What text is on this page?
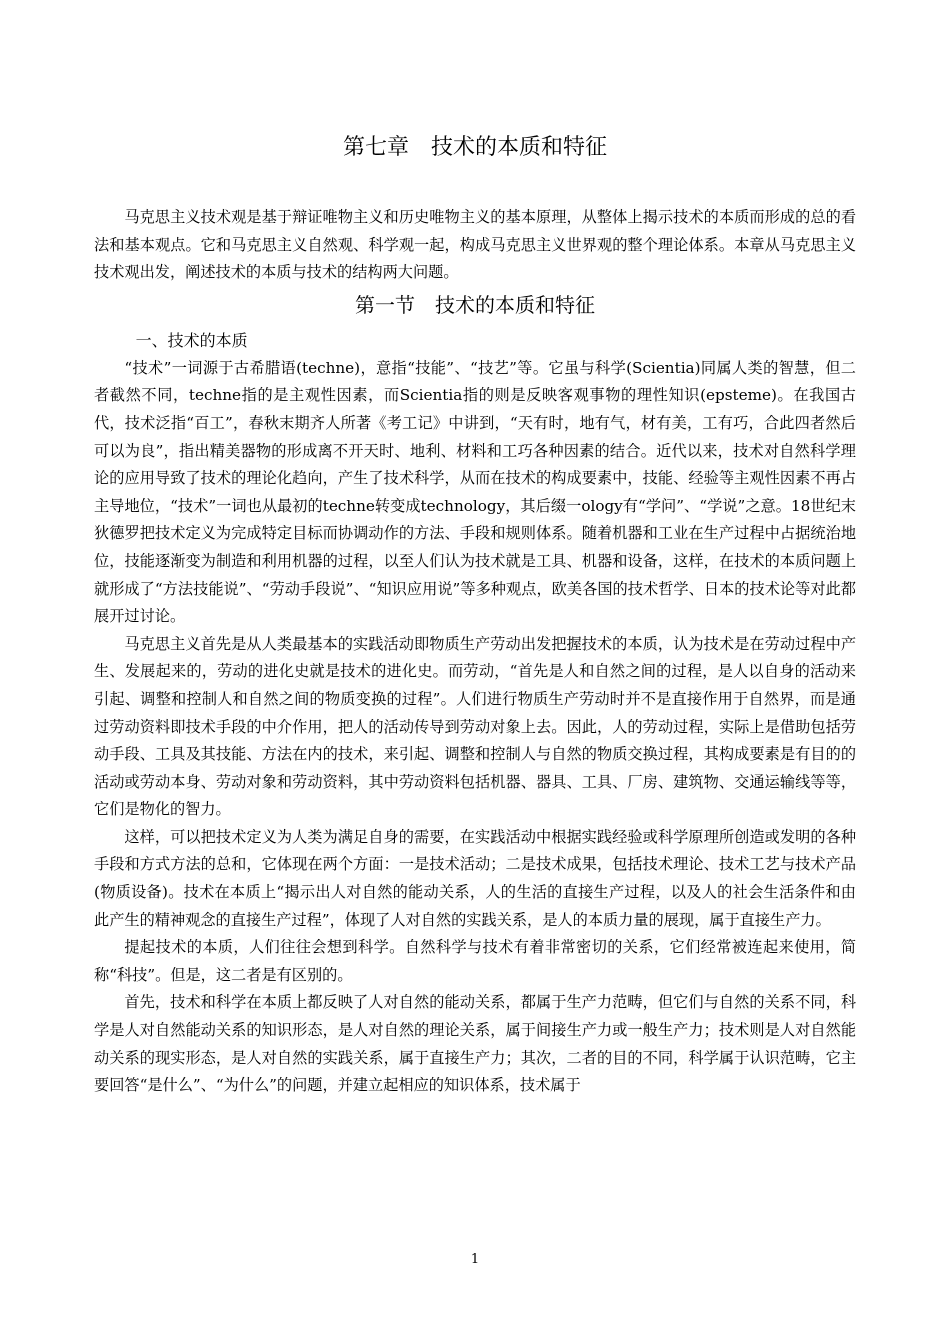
第七章　技术的本质和特征

马克思主义技术观是基于辩证唯物主义和历史唯物主义的基本原理，从整体上揭示技术的本质而形成的总的看法和基本观点。它和马克思主义自然观、科学观一起，构成马克思主义世界观的整个理论体系。本章从马克思主义技术观出发，阐述技术的本质与技术的结构两大问题。

第一节　技术的本质和特征
一、技术的本质

“技术”一词源于古希腊语(techne)，意指“技能”、“技艺”等。它虽与科学(Scientia)同属人类的智慧，但二者截然不同，techne指的是主观性因素，而Scientia指的则是反映客观事物的理性知识(epsteme)。在我国古代，技术泛指“百工”，春秋末期齐人所著《考工记》中讲到，“天有时，地有气，材有美，工有巧，合此四者然后可以为良”，指出精美器物的形成离不开天时、地利、材料和工巧各种因素的结合。近代以来，技术对自然科学理论的应用导致了技术的理论化趋向，产生了技术科学，从而在技术的构成要素中，技能、经验等主观性因素不再占主导地位，“技术”一词也从最初的techne转变成technology，其后缀一ology有“学问”、“学说”之意。18世纪末狄德罗把技术定义为完成特定目标而协调动作的方法、手段和规则体系。随着机器和工业在生产过程中占据统治地位，技能逐渐变为制造和利用机器的过程，以至人们认为技术就是工具、机器和设备，这样，在技术的本质问题上就形成了“方法技能说”、“劳动手段说”、“知识应用说”等多种观点，欧美各国的技术哲学、日本的技术论等对此都展开过讨论。

马克思主义首先是从人类最基本的实践活动即物质生产劳动出发把握技术的本质，认为技术是在劳动过程中产生、发展起来的，劳动的进化史就是技术的进化史。而劳动，“首先是人和自然之间的过程，是人以自身的活动来引起、调整和控制人和自然之间的物质变换的过程”。人们进行物质生产劳动时并不是直接作用于自然界，而是通过劳动资料即技术手段的中介作用，把人的活动传导到劳动对象上去。因此，人的劳动过程，实际上是借助包括劳动手段、工具及其技能、方法在内的技术，来引起、调整和控制人与自然的物质交换过程，其构成要素是有目的的活动或劳动本身、劳动对象和劳动资料，其中劳动资料包括机器、器具、工具、厂房、建筑物、交通运输线等等，它们是物化的智力。

这样，可以把技术定义为人类为满足自身的需要，在实践活动中根据实践经验或科学原理所创造或发明的各种手段和方式方法的总和，它体现在两个方面：一是技术活动；二是技术成果，包括技术理论、技术工艺与技术产品(物质设备)。技术在本质上“揭示出人对自然的能动关系，人的生活的直接生产过程，以及人的社会生活条件和由此产生的精神观念的直接生产过程”，体现了人对自然的实践关系，是人的本质力量的展现，属于直接生产力。

提起技术的本质，人们往往会想到科学。自然科学与技术有着非常密切的关系，它们经常被连起来使用，简称“科技”。但是，这二者是有区别的。

首先，技术和科学在本质上都反映了人对自然的能动关系，都属于生产力范畴，但它们与自然的关系不同，科学是人对自然能动关系的知识形态，是人对自然的理论关系，属于间接生产力或一般生产力；技术则是人对自然能动关系的现实形态，是人对自然的实践关系，属于直接生产力；其次，二者的目的不同，科学属于认识范畴，它主要回答“是什么”、“为什么”的问题，并建立起相应的知识体系，技术属于

1
